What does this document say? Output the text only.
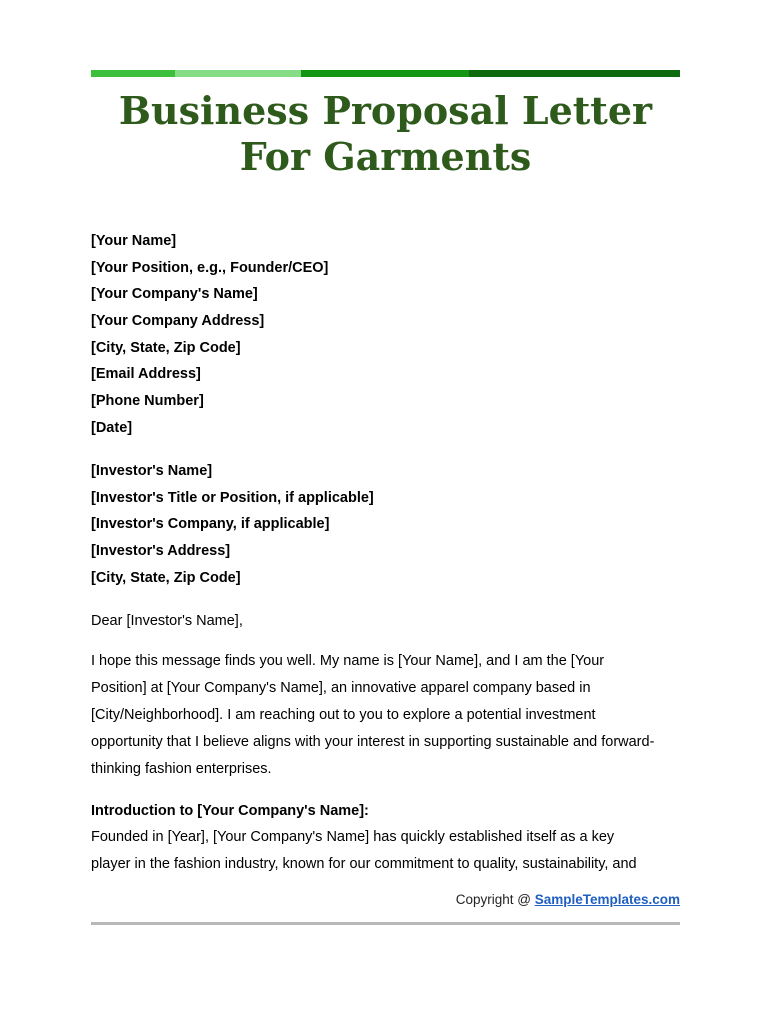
Business Proposal Letter
For Garments
[Your Name]
[Your Position, e.g., Founder/CEO]
[Your Company's Name]
[Your Company Address]
[City, State, Zip Code]
[Email Address]
[Phone Number]
[Date]
[Investor's Name]
[Investor's Title or Position, if applicable]
[Investor's Company, if applicable]
[Investor's Address]
[City, State, Zip Code]
Dear [Investor's Name],
I hope this message finds you well. My name is [Your Name], and I am the [Your
Position] at [Your Company's Name], an innovative apparel company based in
[City/Neighborhood]. I am reaching out to you to explore a potential investment
opportunity that I believe aligns with your interest in supporting sustainable and forward-
thinking fashion enterprises.
Introduction to [Your Company's Name]:
Founded in [Year], [Your Company's Name] has quickly established itself as a key
player in the fashion industry, known for our commitment to quality, sustainability, and
Copyright @ SampleTemplates.com
